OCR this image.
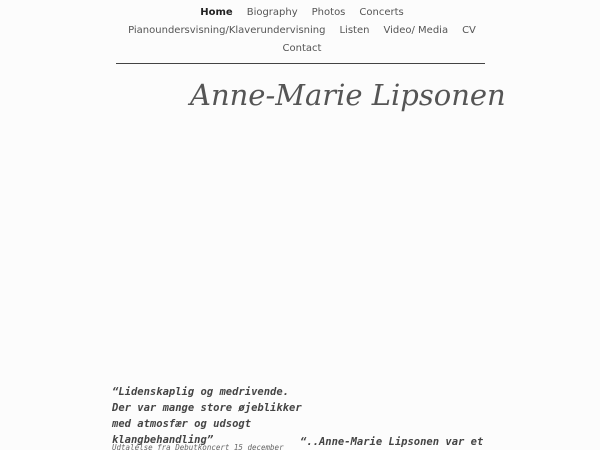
Home Biography Photos Concerts
Pianoundersvisning/Klaverundervisning Listen Video/ Media CV
Contact
Anne-Marie Lipsonen

“Lidenskaplig og medrivende.
Der var mange store øjeblikker
med atmosfær og udsogt
klangbehandling”

Udtalelse fra Debutkoncert 15 december “..Anne-Marie Lipsonen var et
